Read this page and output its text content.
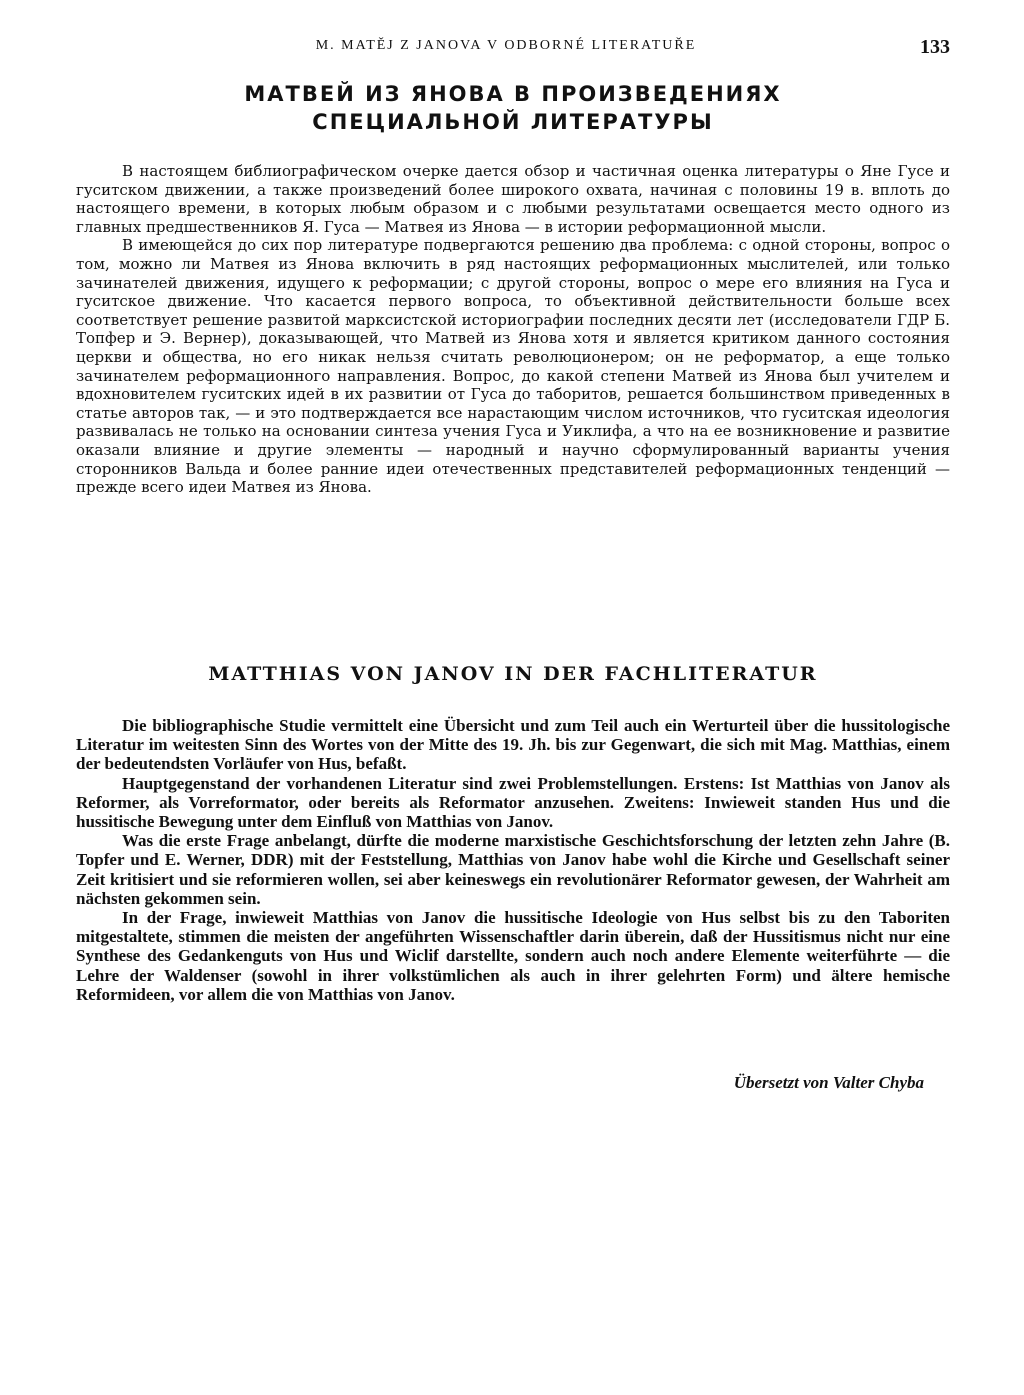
M. MATĚJ Z JANOVA V ODBORNÉ LITERATUŘE	133
МАТВЕЙ ИЗ ЯНОВА В ПРОИЗВЕДЕНИЯХ
СПЕЦИАЛЬНОЙ ЛИТЕРАТУРЫ

В настоящем библиографическом очерке дается обзор и частичная оценка литературы о Яне Гусе и гуситском движении, а также произведений более широкого охвата, начиная с половины 19 в. вплоть до настоящего времени, в которых любым образом и с любыми результатами освещается место одного из главных предшественников Я. Гуса — Матвея из Янова — в истории реформационной мысли.

В имеющейся до сих пор литературе подвергаются решению два проблема: с одной стороны, вопрос о том, можно ли Матвея из Янова включить в ряд настоящих реформационных мыслителей, или только зачинателей движения, идущего к реформации; с другой стороны, вопрос о мере его влияния на Гуса и гуситское движение. Что касается первого вопроса, то объективной действительности больше всех соответствует решение развитой марксистской историографии последних десяти лет (исследователи ГДР Б. Топфер и Э. Вернер), доказывающей, что Матвей из Янова хотя и является критиком данного состояния церкви и общества, но его никак нельзя считать революционером; он не реформатор, а еще только зачинателем реформационного направления. Вопрос, до какой степени Матвей из Янова был учителем и вдохновителем гуситских идей в их развитии от Гуса до таборитов, решается большинством приведенных в статье авторов так, — и это подтверждается все нарастающим числом источников, что гуситская идеология развивалась не только на основании синтеза учения Гуса и Уиклифа, а что на ее возникновение и развитие оказали влияние и другие элементы — народный и научно сформулированный варианты учения сторонников Вальда и более ранние идеи отечественных представителей реформационных тенденций — прежде всего идеи Матвея из Янова.

MATTHIAS VON JANOV IN DER FACHLITERATUR

Die bibliographische Studie vermittelt eine Übersicht und zum Teil auch ein Werturteil über die hussitologische Literatur im weitesten Sinn des Wortes von der Mitte des 19. Jh. bis zur Gegenwart, die sich mit Mag. Matthias, einem der bedeutendsten Vorläufer von Hus, befaßt.

Hauptgegenstand der vorhandenen Literatur sind zwei Problemstellungen. Erstens: Ist Matthias von Janov als Reformer, als Vorreformator, oder bereits als Reformator anzusehen. Zweitens: Inwieweit standen Hus und die hussitische Bewegung unter dem Einfluß von Matthias von Janov.

Was die erste Frage anbelangt, dürfte die moderne marxistische Geschichtsforschung der letzten zehn Jahre (B. Topfer und E. Werner, DDR) mit der Feststellung, Matthias von Janov habe wohl die Kirche und Gesellschaft seiner Zeit kritisiert und sie reformieren wollen, sei aber keineswegs ein revolutionärer Reformator gewesen, der Wahrheit am nächsten gekommen sein.

In der Frage, inwieweit Matthias von Janov die hussitische Ideologie von Hus selbst bis zu den Taboriten mitgestaltete, stimmen die meisten der angeführten Wissenschaftler darin überein, daß der Hussitismus nicht nur eine Synthese des Gedankenguts von Hus und Wiclif darstellte, sondern auch noch andere Elemente weiterführte — die Lehre der Waldenser (sowohl in ihrer volkstümlichen als auch in ihrer gelehrten Form) und ältere hemische Reformideen, vor allem die von Matthias von Janov.

Übersetzt von Valter Chyba
